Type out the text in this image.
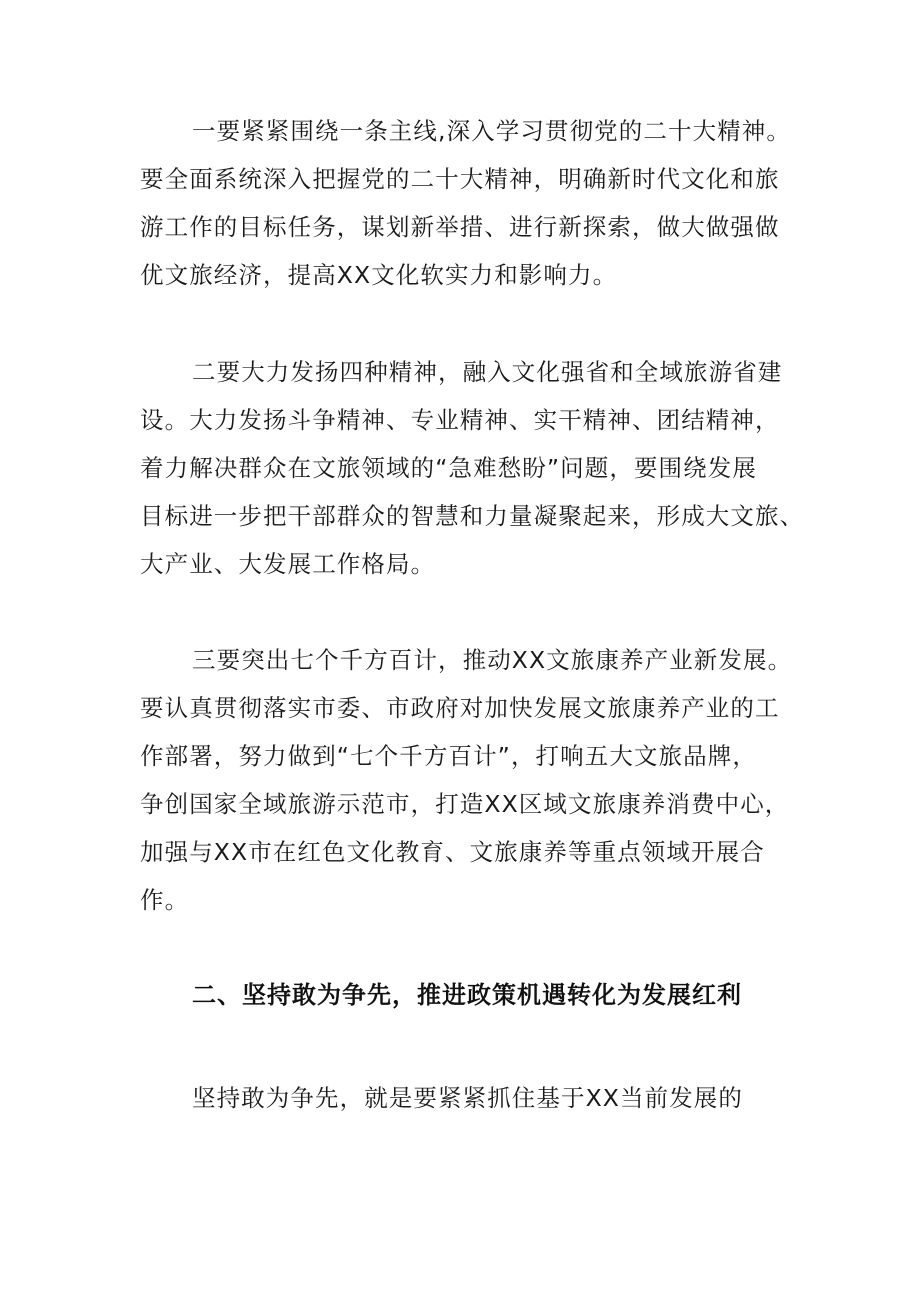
一要紧紧围绕一条主线,深入学习贯彻党的二十大精神。
要全面系统深入把握党的二十大精神，明确新时代文化和旅
游工作的目标任务，谋划新举措、进行新探索，做大做强做
优文旅经济，提高XX文化软实力和影响力。
二要大力发扬四种精神，融入文化强省和全域旅游省建
设。大力发扬斗争精神、专业精神、实干精神、团结精神，
着力解决群众在文旅领域的“急难愁盼”问题，要围绕发展
目标进一步把干部群众的智慧和力量凝聚起来，形成大文旅、
大产业、大发展工作格局。
三要突出七个千方百计，推动XX文旅康养产业新发展。
要认真贯彻落实市委、市政府对加快发展文旅康养产业的工
作部署，努力做到“七个千方百计”，打响五大文旅品牌，
争创国家全域旅游示范市，打造XX区域文旅康养消费中心，
加强与XX市在红色文化教育、文旅康养等重点领域开展合
作。
二、坚持敢为争先，推进政策机遇转化为发展红利
坚持敢为争先，就是要紧紧抓住基于XX当前发展的
